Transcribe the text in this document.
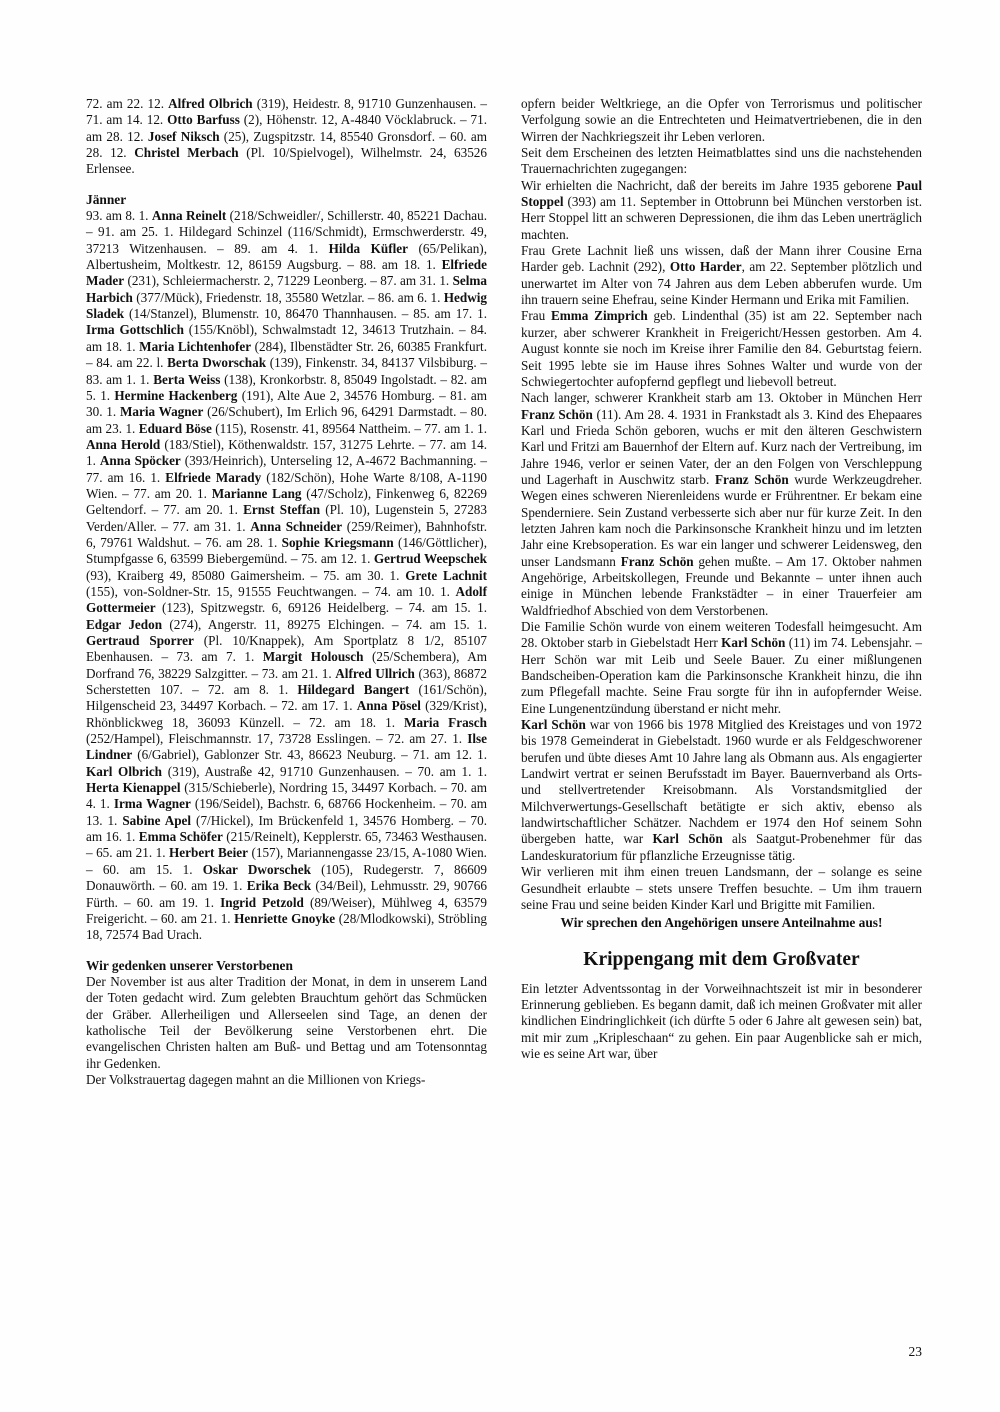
72. am 22. 12. Alfred Olbrich (319), Heidestr. 8, 91710 Gunzenhausen. – 71. am 14. 12. Otto Barfuss (2), Höhenstr. 12, A-4840 Vöcklabruck. – 71. am 28. 12. Josef Niksch (25), Zugspitzstr. 14, 85540 Gronsdorf. – 60. am 28. 12. Christel Merbach (Pl. 10/Spielvogel), Wilhelmstr. 24, 63526 Erlensee.

Jänner

93. am 8. 1. Anna Reinelt (218/Schweidler/, Schillerstr. 40, 85221 Dachau. – 91. am 25. 1. Hildegard Schinzel (116/Schmidt), Ermschwerderstr. 49, 37213 Witzenhausen. – 89. am 4. 1. Hilda Küfler (65/Pelikan), Albertusheim, Moltkestr. 12, 86159 Augsburg. – 88. am 18. 1. Elfriede Mader (231), Schleiermacherstr. 2, 71229 Leonberg. – 87. am 31. 1. Selma Harbich (377/Mück), Friedenstr. 18, 35580 Wetzlar. – 86. am 6. 1. Hedwig Sladek (14/Stanzel), Blumenstr. 10, 86470 Thannhausen. – 85. am 17. 1. Irma Gottschlich (155/Knöbl), Schwalmstadt 12, 34613 Trutzhain. – 84. am 18. 1. Maria Lichtenhofer (284), Ilbenstädter Str. 26, 60385 Frankfurt. – 84. am 22. l. Berta Dworschak (139), Finkenstr. 34, 84137 Vilsbiburg. – 83. am 1. 1. Berta Weiss (138), Kronkorbstr. 8, 85049 Ingolstadt. – 82. am 5. 1. Hermine Hackenberg (191), Alte Aue 2, 34576 Homburg. – 81. am 30. 1. Maria Wagner (26/Schubert), Im Erlich 96, 64291 Darmstadt. – 80. am 23. 1. Eduard Böse (115), Rosenstr. 41, 89564 Nattheim. – 77. am 1. 1. Anna Herold (183/Stiel), Köthenwaldstr. 157, 31275 Lehrte. – 77. am 14. 1. Anna Spöcker (393/Heinrich), Unterseling 12, A-4672 Bachmanning. – 77. am 16. 1. Elfriede Marady (182/Schön), Hohe Warte 8/108, A-1190 Wien. – 77. am 20. 1. Marianne Lang (47/Scholz), Finkenweg 6, 82269 Geltendorf. – 77. am 20. 1. Ernst Steffan (Pl. 10), Lugenstein 5, 27283 Verden/Aller. – 77. am 31. 1. Anna Schneider (259/Reimer), Bahnhofstr. 6, 79761 Waldshut. – 76. am 28. 1. Sophie Kriegsmann (146/Göttlicher), Stumpfgasse 6, 63599 Biebergemünd. – 75. am 12. 1. Gertrud Weepschek (93), Kraiberg 49, 85080 Gaimersheim. – 75. am 30. 1. Grete Lachnit (155), von-Soldner-Str. 15, 91555 Feuchtwangen. – 74. am 10. 1. Adolf Gottermeier (123), Spitzwegstr. 6, 69126 Heidelberg. – 74. am 15. 1. Edgar Jedon (274), Angerstr. 11, 89275 Elchingen. – 74. am 15. 1. Gertraud Sporrer (Pl. 10/Knappek), Am Sportplatz 8 1/2, 85107 Ebenhausen. – 73. am 7. 1. Margit Holousch (25/Schembera), Am Dorfrand 76, 38229 Salzgitter. – 73. am 21. 1. Alfred Ullrich (363), 86872 Scherstetten 107. – 72. am 8. 1. Hildegard Bangert (161/Schön), Hilgenscheid 23, 34497 Korbach. – 72. am 17. 1. Anna Pösel (329/Krist), Rhönblickweg 18, 36093 Künzell. – 72. am 18. 1. Maria Frasch (252/Hampel), Fleischmannstr. 17, 73728 Esslingen. – 72. am 27. 1. Ilse Lindner (6/Gabriel), Gablonzer Str. 43, 86623 Neuburg. – 71. am 12. 1. Karl Olbrich (319), Austraße 42, 91710 Gunzenhausen. – 70. am 1. 1. Herta Kienappel (315/Schieberle), Nordring 15, 34497 Korbach. – 70. am 4. 1. Irma Wagner (196/Seidel), Bachstr. 6, 68766 Hockenheim. – 70. am 13. 1. Sabine Apel (7/Hickel), Im Brückenfeld 1, 34576 Homberg. – 70. am 16. 1. Emma Schöfer (215/Reinelt), Kepplerstr. 65, 73463 Westhausen. – 65. am 21. 1. Herbert Beier (157), Mariannengasse 23/15, A-1080 Wien. – 60. am 15. 1. Oskar Dworschek (105), Rudegerstr. 7, 86609 Donauwörth. – 60. am 19. 1. Erika Beck (34/Beil), Lehmusstr. 29, 90766 Fürth. – 60. am 19. 1. Ingrid Petzold (89/Weiser), Mühlweg 4, 63579 Freigericht. – 60. am 21. 1. Henriette Gnoyke (28/Mlodkowski), Ströbling 18, 72574 Bad Urach.

Wir gedenken unserer Verstorbenen

Der November ist aus alter Tradition der Monat, in dem in unserem Land der Toten gedacht wird. Zum gelebten Brauchtum gehört das Schmücken der Gräber. Allerheiligen und Allerseelen sind Tage, an denen der katholische Teil der Bevölkerung seine Verstorbenen ehrt. Die evangelischen Christen halten am Buß- und Bettag und am Totensonntag ihr Gedenken.

Der Volkstrauertag dagegen mahnt an die Millionen von Kriegs-

opfern beider Weltkriege, an die Opfer von Terrorismus und politischer Verfolgung sowie an die Entrechteten und Heimatvertriebenen, die in den Wirren der Nachkriegszeit ihr Leben verloren.

Seit dem Erscheinen des letzten Heimatblattes sind uns die nachstehenden Trauernachrichten zugegangen:

Wir erhielten die Nachricht, daß der bereits im Jahre 1935 geborene Paul Stoppel (393) am 11. September in Ottobrunn bei München verstorben ist. Herr Stoppel litt an schweren Depressionen, die ihm das Leben unerträglich machten.

Frau Grete Lachnit ließ uns wissen, daß der Mann ihrer Cousine Erna Harder geb. Lachnit (292), Otto Harder, am 22. September plötzlich und unerwartet im Alter von 74 Jahren aus dem Leben abberufen wurde. Um ihn trauern seine Ehefrau, seine Kinder Hermann und Erika mit Familien.

Frau Emma Zimprich geb. Lindenthal (35) ist am 22. September nach kurzer, aber schwerer Krankheit in Freigericht/Hessen gestorben. Am 4. August konnte sie noch im Kreise ihrer Familie den 84. Geburtstag feiern. Seit 1995 lebte sie im Hause ihres Sohnes Walter und wurde von der Schwiegertochter aufopfernd gepflegt und liebevoll betreut.

Nach langer, schwerer Krankheit starb am 13. Oktober in München Herr Franz Schön (11). Am 28. 4. 1931 in Frankstadt als 3. Kind des Ehepaares Karl und Frieda Schön geboren, wuchs er mit den älteren Geschwistern Karl und Fritzi am Bauernhof der Eltern auf. Kurz nach der Vertreibung, im Jahre 1946, verlor er seinen Vater, der an den Folgen von Verschleppung und Lagerhaft in Auschwitz starb. Franz Schön wurde Werkzeugdreher. Wegen eines schweren Nierenleidens wurde er Frührentner. Er bekam eine Spenderniere. Sein Zustand verbesserte sich aber nur für kurze Zeit. In den letzten Jahren kam noch die Parkinsonsche Krankheit hinzu und im letzten Jahr eine Krebsoperation. Es war ein langer und schwerer Leidensweg, den unser Landsmann Franz Schön gehen mußte. – Am 17. Oktober nahmen Angehörige, Arbeitskollegen, Freunde und Bekannte – unter ihnen auch einige in München lebende Frankstädter – in einer Trauerfeier am Waldfriedhof Abschied von dem Verstorbenen.

Die Familie Schön wurde von einem weiteren Todesfall heimgesucht. Am 28. Oktober starb in Giebelstadt Herr Karl Schön (11) im 74. Lebensjahr. – Herr Schön war mit Leib und Seele Bauer. Zu einer mißlungenen Bandscheiben-Operation kam die Parkinsonsche Krankheit hinzu, die ihn zum Pflegefall machte. Seine Frau sorgte für ihn in aufopfernder Weise. Eine Lungenentzündung überstand er nicht mehr.

Karl Schön war von 1966 bis 1978 Mitglied des Kreistages und von 1972 bis 1978 Gemeinderat in Giebelstadt. 1960 wurde er als Feldgeschworener berufen und übte dieses Amt 10 Jahre lang als Obmann aus. Als engagierter Landwirt vertrat er seinen Berufsstadt im Bayer. Bauernverband als Orts- und stellvertretender Kreisobmann. Als Vorstandsmitglied der Milchverwertungs-Gesellschaft betätigte er sich aktiv, ebenso als landwirtschaftlicher Schätzer. Nachdem er 1974 den Hof seinem Sohn übergeben hatte, war Karl Schön als Saatgut-Probenehmer für das Landeskuratorium für pflanzliche Erzeugnisse tätig.

Wir verlieren mit ihm einen treuen Landsmann, der – solange es seine Gesundheit erlaubte – stets unsere Treffen besuchte. – Um ihm trauern seine Frau und seine beiden Kinder Karl und Brigitte mit Familien.

Wir sprechen den Angehörigen unsere Anteilnahme aus!

Krippengang mit dem Großvater

Ein letzter Adventssontag in der Vorweihnachtszeit ist mir in besonderer Erinnerung geblieben. Es begann damit, daß ich meinen Großvater mit aller kindlichen Eindringlichkeit (ich dürfte 5 oder 6 Jahre alt gewesen sein) bat, mit mir zum „Kripleschaan“ zu gehen. Ein paar Augenblicke sah er mich, wie es seine Art war, über

23
